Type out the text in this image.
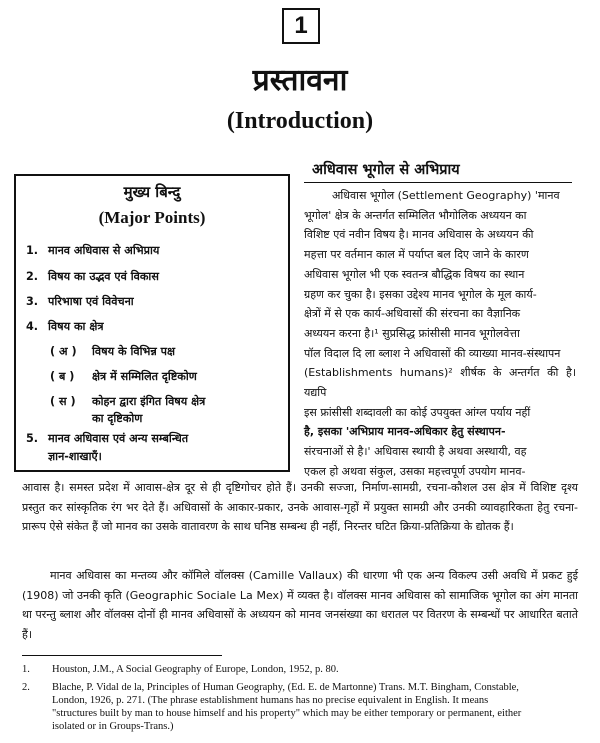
1
प्रस्तावना
(Introduction)
मुख्य बिन्दु
(Major Points)
1. मानव अधिवास से अभिप्राय
2. विषय का उद्भव एवं विकास
3. परिभाषा एवं विवेचना
4. विषय का क्षेत्र
( अ ) विषय के विभिन्न पक्ष
( ब ) क्षेत्र में सम्मिलित दृष्टिकोण
( स ) कोहन द्वारा इंगित विषय क्षेत्र
का दृष्टिकोण
5. मानव अधिवास एवं अन्य सम्बन्धित
ज्ञान-शाखाएँ।
अधिवास भूगोल से अभिप्राय
अधिवास भूगोल (Settlement Geography) 'मानव
भूगोल' क्षेत्र के अन्तर्गत सम्मिलित भौगोलिक अध्ययन का
विशिष्ट एवं नवीन विषय है। मानव अधिवास के अध्ययन की
महत्ता पर वर्तमान काल में पर्याप्त बल दिए जाने के कारण
अधिवास भूगोल भी एक स्वतन्त्र बौद्धिक विषय का स्थान
ग्रहण कर चुका है। इसका उद्देश्य मानव भूगोल के मूल कार्य-
क्षेत्रों में से एक कार्य-अधिवासों की संरचना का वैज्ञानिक
अध्ययन करना है।¹ सुप्रसिद्ध फ्रांसीसी मानव भूगोलवेत्ता
पॉल विदाल दि ला ब्लाश ने अधिवासों की व्याख्या मानव-संस्थापन
(Establishments humans)² शीर्षक के अन्तर्गत की है। यद्यपि
इस फ्रांसीसी शब्दावली का कोई उपयुक्त आंग्ल पर्याय नहीं
है, इसका 'अभिप्राय मानव-अधिकार हेतु संस्थापन-
संरचनाओं से है।' अधिवास स्थायी है अथवा अस्थायी, वह
एकल हो अथवा संकुल, उसका महत्त्वपूर्ण उपयोग मानव-
आवास है। समस्त प्रदेश में आवास-क्षेत्र दूर से ही दृष्टिगोचर होते हैं। उनकी सज्जा, निर्माण-सामग्री, रचना-कौशल उस क्षेत्र में विशिष्ट दृश्य प्रस्तुत कर सांस्कृतिक रंग भर देते हैं। अधिवासों के आकार-प्रकार, उनके आवास-गृहों में प्रयुक्त सामग्री और उनकी व्यावहारिकता हेतु रचना-प्रारूप ऐसे संकेत हैं जो मानव का उसके वातावरण के साथ घनिष्ठ सम्बन्ध ही नहीं, निरन्तर घटित क्रिया-प्रतिक्रिया के द्योतक हैं।
मानव अधिवास का मन्तव्य और कॉमिले वॉलक्स (Camille Vallaux) की धारणा भी एक अन्य विकल्प उसी अवधि में प्रकट हुई (1908) जो उनकी कृति (Geographic Sociale La Mex) में व्यक्त है। वॉलक्स मानव अधिवास को सामाजिक भूगोल का अंग मानता था परन्तु ब्लाश और वॉलक्स दोनों ही मानव अधिवासों के अध्ययन को मानव जनसंख्या का धरातल पर वितरण के सम्बन्धों पर आधारित बताते हैं।
1. Houston, J.M., A Social Geography of Europe, London, 1952, p. 80.
2. Blache, P. Vidal de la, Principles of Human Geography, (Ed. E. de Martonne) Trans. M.T. Bingham, Constable,
London, 1926, p. 271. (The phrase establishment humans has no precise equivalent in English. It means
"structures built by man to house himself and his property" which may be either temporary or permanent, either
isolated or in Groups-Trans.)
